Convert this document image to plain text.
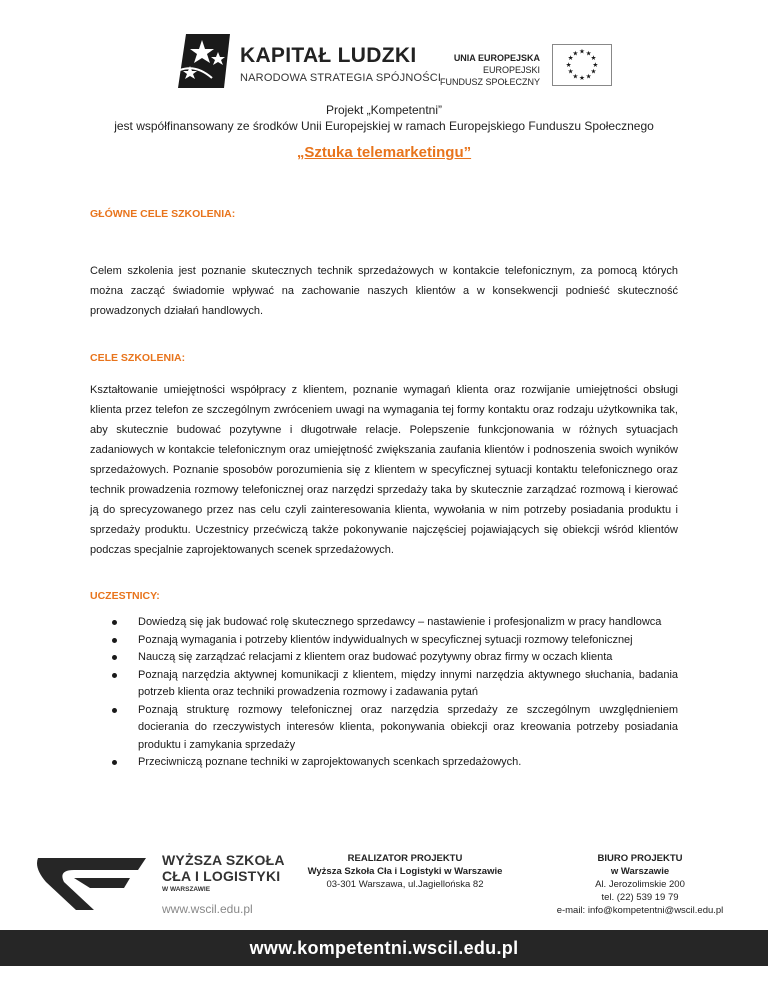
KAPITAŁ LUDZKI
NARODOWA STRATEGIA SPÓJNOŚCI
UNIA EUROPEJSKA
EUROPEJSKI
FUNDUSZ SPOŁECZNY
★ ★
★
★
★
★
★
★
★
★
★
★
Projekt „Kompetentni”
jest współfinansowany ze środków Unii Europejskiej w ramach Europejskiego Funduszu Społecznego
„Sztuka telemarketingu”
GŁÓWNE CELE SZKOLENIA:
Celem szkolenia jest poznanie skutecznych technik sprzedażowych w kontakcie telefonicznym, za pomocą których można zacząć świadomie wpływać na zachowanie naszych klientów a w konsekwencji podnieść skuteczność prowadzonych działań handlowych.
CELE SZKOLENIA:
Kształtowanie umiejętności współpracy z klientem, poznanie wymagań klienta oraz rozwijanie umiejętności obsługi klienta przez telefon ze szczególnym zwróceniem uwagi na wymagania tej formy kontaktu oraz rodzaju użytkownika tak, aby skutecznie budować pozytywne i długotrwałe relacje. Polepszenie funkcjonowania w różnych sytuacjach zadaniowych w kontakcie telefonicznym oraz umiejętność zwiększania zaufania klientów i podnoszenia swoich wyników sprzedażowych. Poznanie sposobów porozumienia się z klientem w specyficznej sytuacji kontaktu telefonicznego oraz technik prowadzenia rozmowy telefonicznej oraz narzędzi sprzedaży taka by skutecznie zarządzać rozmową i kierować ją do sprecyzowanego przez nas celu czyli zainteresowania klienta, wywołania w nim potrzeby posiadania produktu i sprzedaży produktu. Uczestnicy przećwiczą także pokonywanie najczęściej pojawiających się obiekcji wśród klientów podczas specjalnie zaprojektowanych scenek sprzedażowych.
UCZESTNICY:
Dowiedzą się jak budować rolę skutecznego sprzedawcy – nastawienie i profesjonalizm w pracy handlowca
Poznają wymagania i potrzeby klientów indywidualnych w specyficznej sytuacji rozmowy telefonicznej
Nauczą się zarządzać relacjami z klientem oraz budować pozytywny obraz firmy w oczach klienta
Poznają narzędzia aktywnej komunikacji z klientem, między innymi narzędzia aktywnego słuchania, badania potrzeb klienta oraz techniki prowadzenia rozmowy i zadawania pytań
Poznają strukturę rozmowy telefonicznej oraz narzędzia sprzedaży ze szczególnym uwzględnieniem docierania do rzeczywistych interesów klienta, pokonywania obiekcji oraz kreowania potrzeby posiadania produktu i zamykania sprzedaży
Przeciwniczą poznane techniki w zaprojektowanych scenkach sprzedażowych.
WYŻSZA SZKOŁA
CŁA I LOGISTYKI
W WARSZAWIE
www.wscil.edu.pl
REALIZATOR PROJEKTU
Wyższa Szkoła Cła i Logistyki w Warszawie
03-301 Warszawa, ul.Jagiellońska 82
BIURO PROJEKTU
w Warszawie
Al. Jerozolimskie 200
tel. (22) 539 19 79
e-mail: info@kompetentni@wscil.edu.pl
www.kompetentni.wscil.edu.pl
